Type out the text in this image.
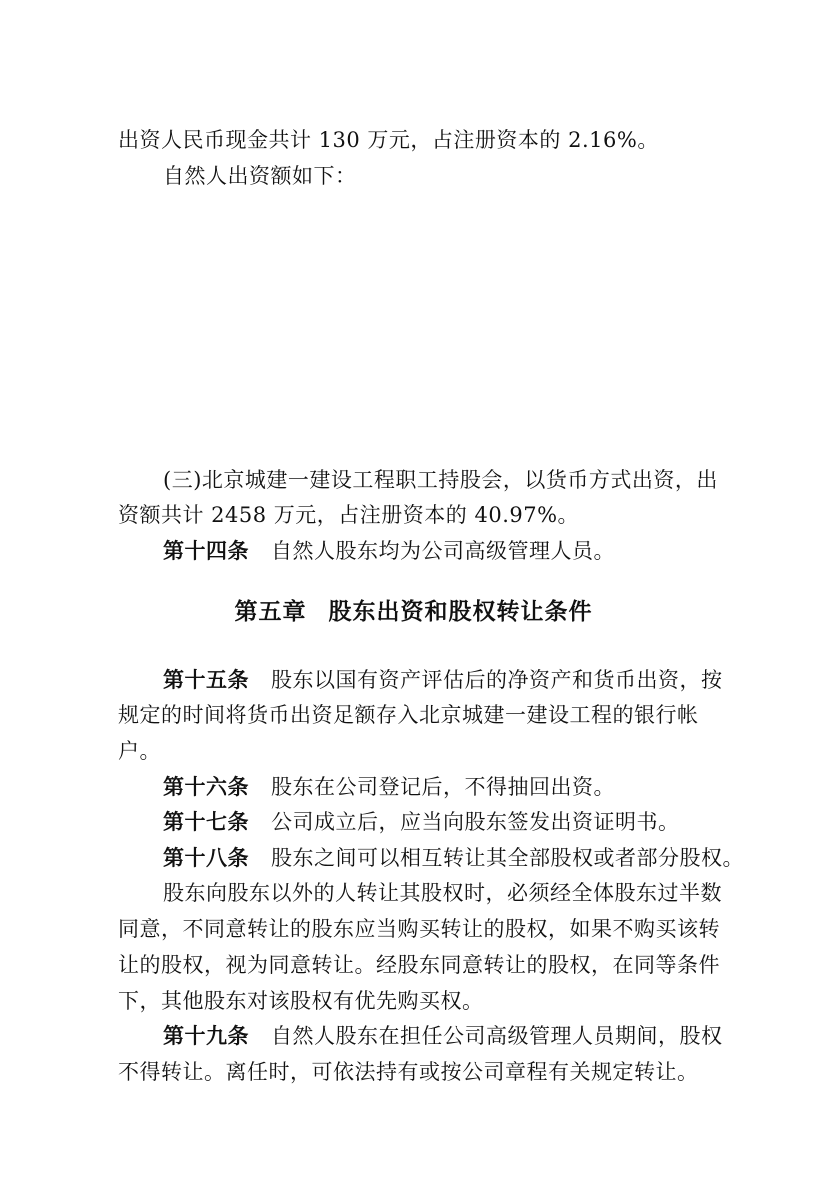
出资人民币现金共计 130 万元，占注册资本的 2.16%。
自然人出资额如下：
(三)北京城建一建设工程职工持股会，以货币方式出资，出
资额共计 2458 万元，占注册资本的 40.97%。
第十四条 自然人股东均为公司高级管理人员。
第五章 股东出资和股权转让条件
第十五条 股东以国有资产评估后的净资产和货币出资，按
规定的时间将货币出资足额存入北京城建一建设工程的银行帐
户。
第十六条 股东在公司登记后，不得抽回出资。
第十七条 公司成立后，应当向股东签发出资证明书。
第十八条 股东之间可以相互转让其全部股权或者部分股权。
股东向股东以外的人转让其股权时，必须经全体股东过半数
同意，不同意转让的股东应当购买转让的股权，如果不购买该转
让的股权，视为同意转让。经股东同意转让的股权，在同等条件
下，其他股东对该股权有优先购买权。
第十九条 自然人股东在担任公司高级管理人员期间，股权
不得转让。离任时，可依法持有或按公司章程有关规定转让。
